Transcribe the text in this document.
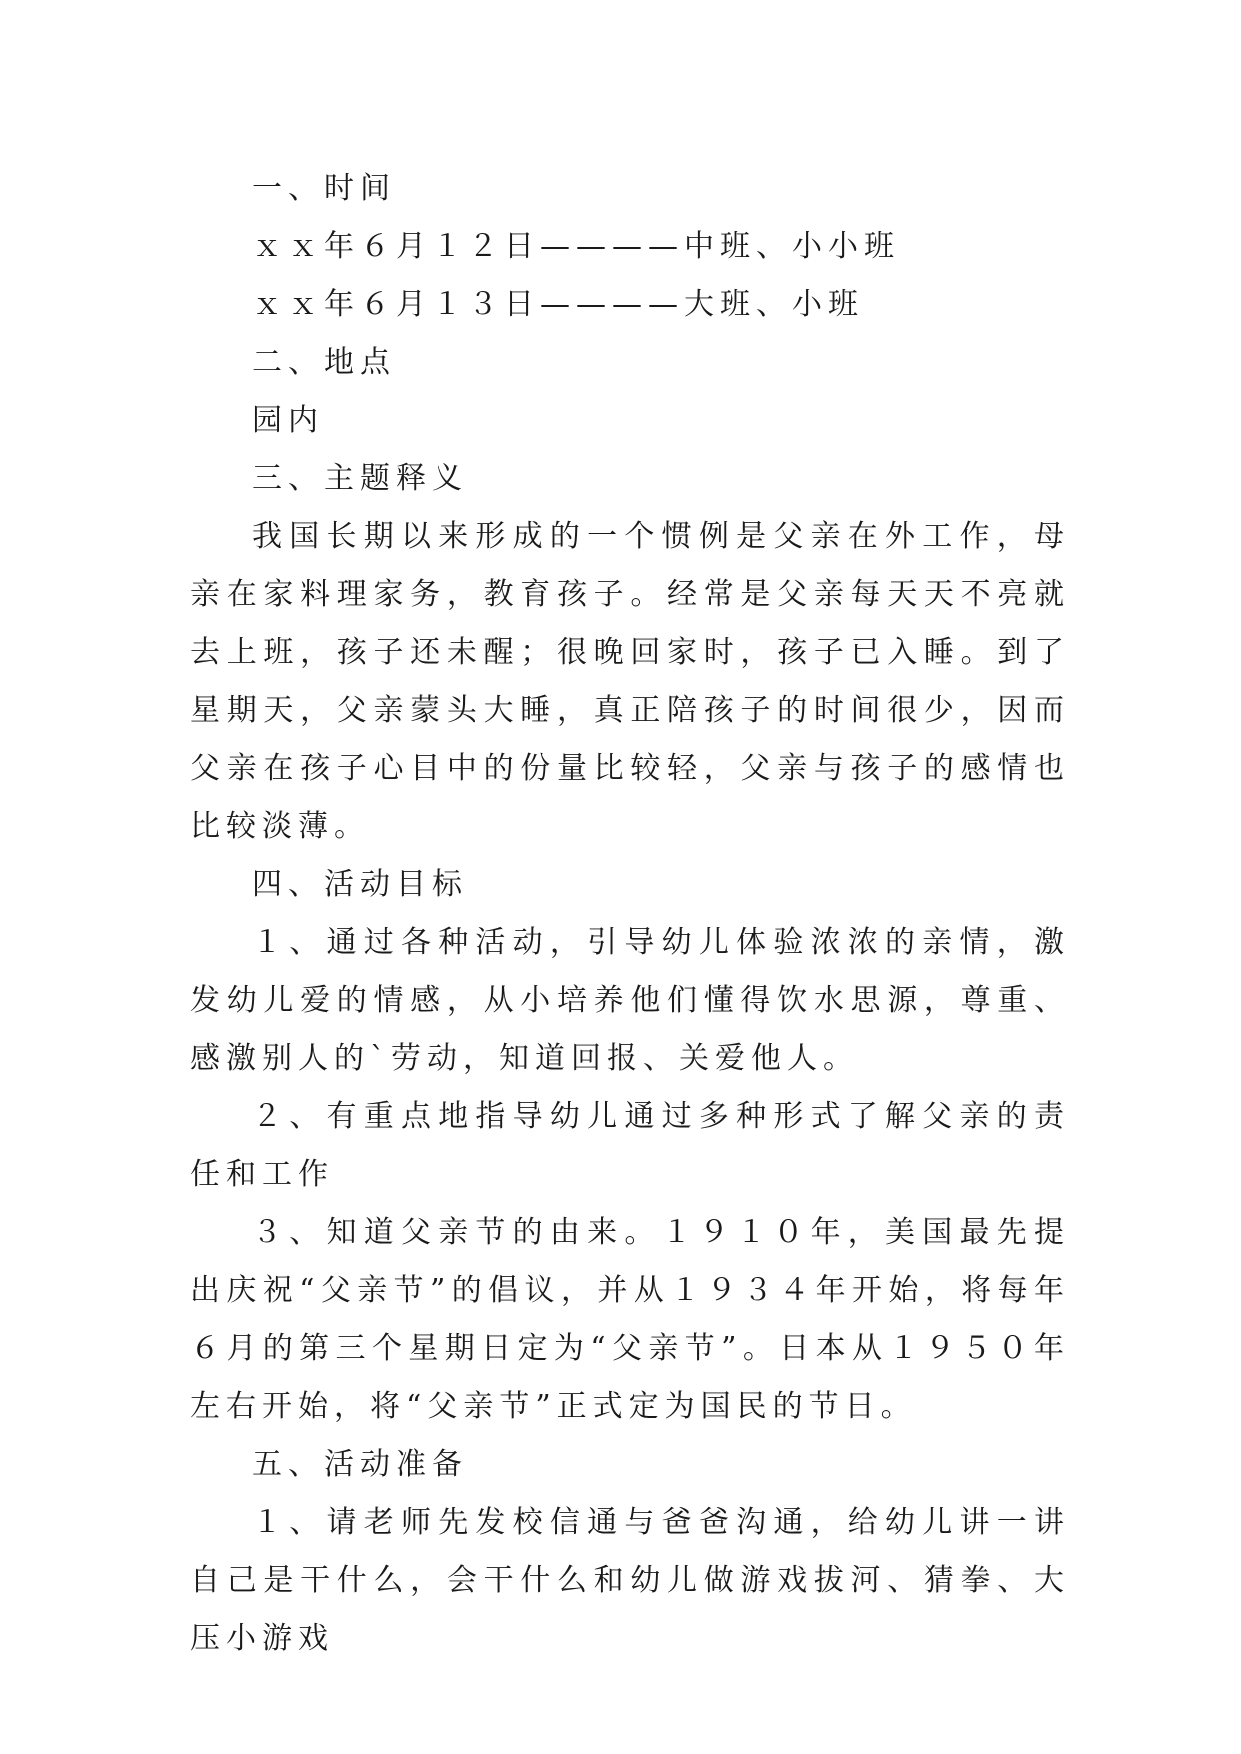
一、时间

ｘｘ年６月１２日————中班、小小班

ｘｘ年６月１３日————大班、小班

二、地点

园内

三、主题释义

我国长期以来形成的一个惯例是父亲在外工作，母亲在家料理家务，教育孩子。经常是父亲每天天不亮就去上班，孩子还未醒；很晚回家时，孩子已入睡。到了星期天，父亲蒙头大睡，真正陪孩子的时间很少，因而父亲在孩子心目中的份量比较轻，父亲与孩子的感情也比较淡薄。

四、活动目标

１、通过各种活动，引导幼儿体验浓浓的亲情，激发幼儿爱的情感，从小培养他们懂得饮水思源，尊重、感激别人的`劳动，知道回报、关爱他人。

２、有重点地指导幼儿通过多种形式了解父亲的责任和工作

３、知道父亲节的由来。１９１０年，美国最先提出庆祝“父亲节”的倡议，并从１９３４年开始，将每年６月的第三个星期日定为“父亲节”。日本从１９５０年左右开始，将“父亲节”正式定为国民的节日。

五、活动准备

１、请老师先发校信通与爸爸沟通，给幼儿讲一讲自己是干什么，会干什么和幼儿做游戏拔河、猜拳、大压小游戏
